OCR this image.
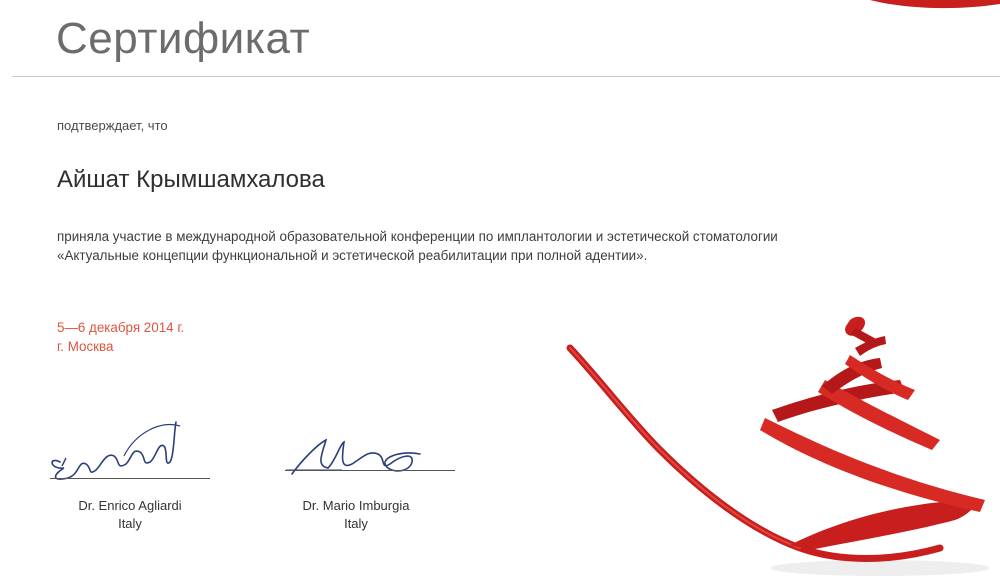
Сертификат
подтверждает, что
Айшат Крымшамхалова
приняла участие в международной образовательной конференции по имплантологии и эстетической стоматологии
«Актуальные концепции функциональной и эстетической реабилитации при полной адентии».
5—6 декабря 2014 г.
г. Москва
Dr. Enrico Agliardi
Italy
Dr. Mario Imburgia
Italy
